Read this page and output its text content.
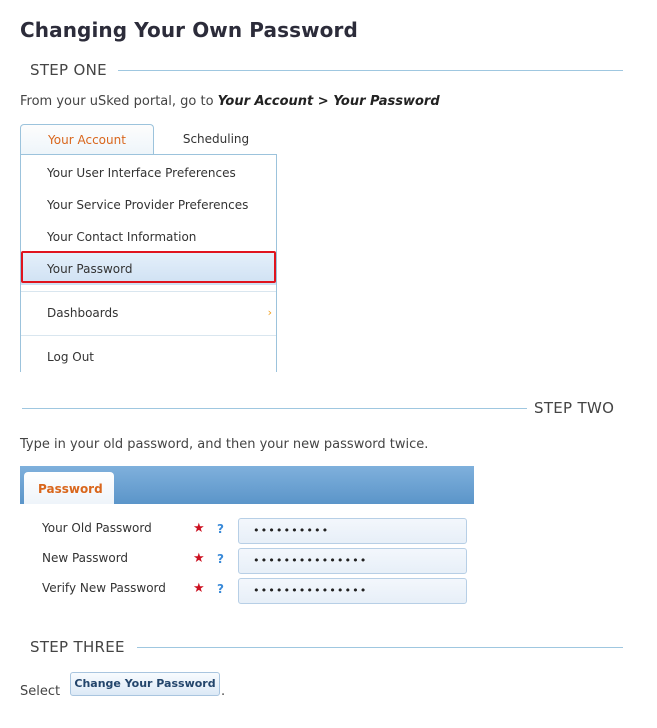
Changing Your Own Password
STEP ONE
From your uSked portal, go to Your Account > Your Password
Your Account	Scheduling
Your User Interface Preferences
Your Service Provider Preferences
Your Contact Information
Your Password
Dashboards	›
Log Out
STEP TWO
Type in your old password, and then your new password twice.
Password
Your Old Password	★ ?	••••••••••
New Password	★ ?	•••••••••••••••
Verify New Password ★ ?	•••••••••••••••
STEP THREE
Select
Change Your Password
.
